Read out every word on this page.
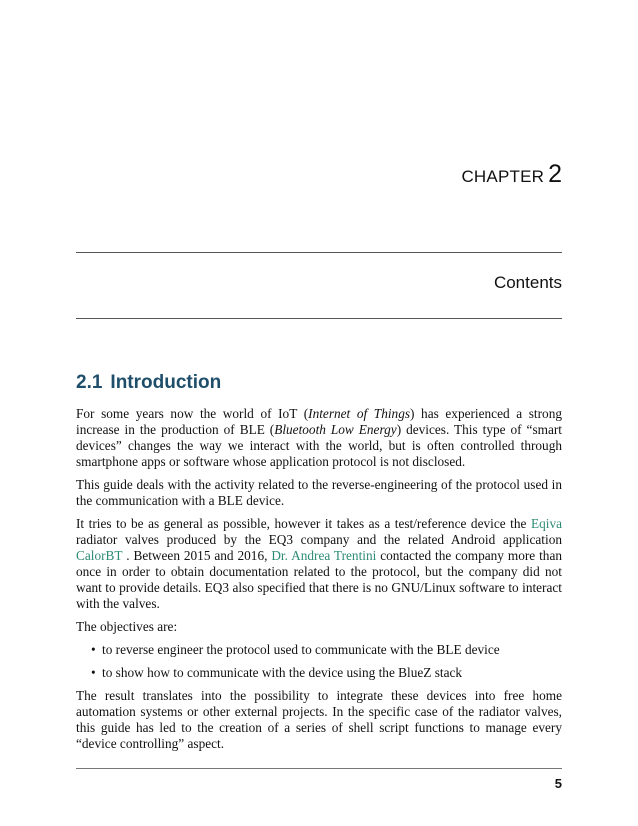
CHAPTER 2
Contents
2.1 Introduction

For some years now the world of IoT (Internet of Things) has experienced a strong increase in the production of BLE (Bluetooth Low Energy) devices. This type of “smart devices” changes the way we interact with the world, but is often controlled through smartphone apps or software whose application protocol is not disclosed.

This guide deals with the activity related to the reverse-engineering of the protocol used in the communication with a BLE device.

It tries to be as general as possible, however it takes as a test/reference device the Eqiva radiator valves produced by the EQ3 company and the related Android application CalorBT . Between 2015 and 2016, Dr. Andrea Trentini contacted the company more than once in order to obtain documentation related to the protocol, but the company did not want to provide details. EQ3 also specified that there is no GNU/Linux software to interact with the valves.

The objectives are:

• to reverse engineer the protocol used to communicate with the BLE device
• to show how to communicate with the device using the BlueZ stack

The result translates into the possibility to integrate these devices into free home automation systems or other external projects. In the specific case of the radiator valves, this guide has led to the creation of a series of shell script functions to manage every “device controlling” aspect.

5
